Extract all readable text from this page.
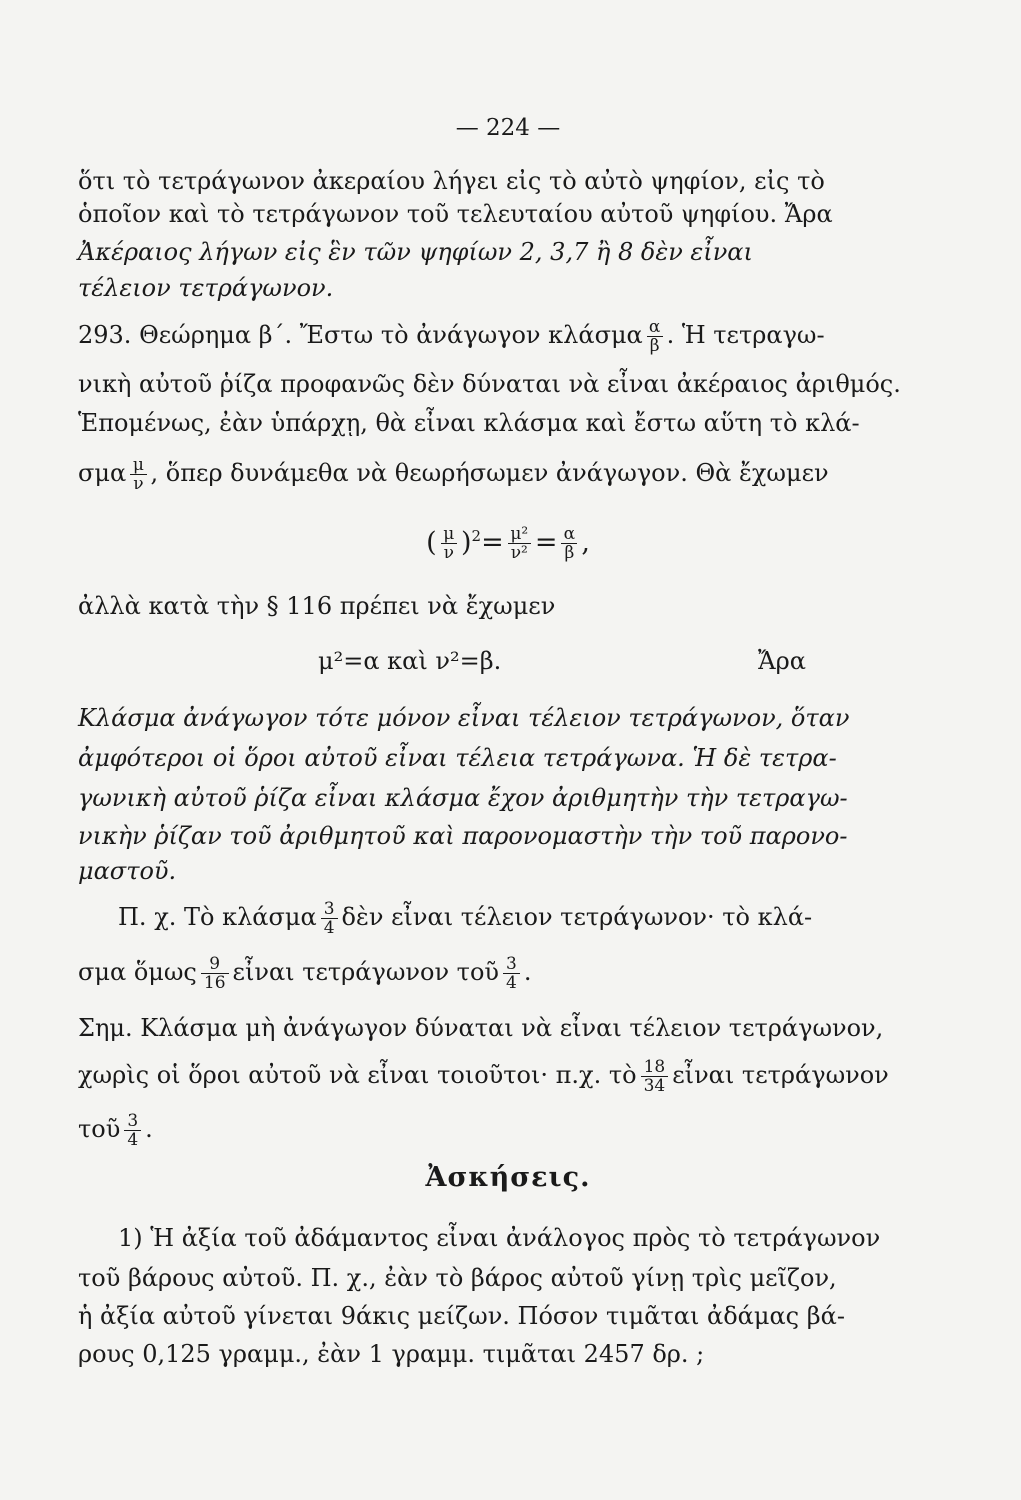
— 224 —
ὅτι τὸ τετράγωνον ἀκεραίου λήγει εἰς τὸ αὐτὸ ψηφίον, εἰς τὸ
ὁποῖον καὶ τὸ τετράγωνον τοῦ τελευταίου αὐτοῦ ψηφίου. Ἄρα
Ἀκέραιος λήγων εἰς ἓν τῶν ψηφίων 2, 3,7 ἢ 8 δὲν εἶναι
τέλειον τετράγωνον.
293. Θεώρημα β΄. Ἔστω τὸ ἀνάγωγον κλάσμα $\frac{\alpha}{\beta}$ . Ἡ τετραγω-
νικὴ αὐτοῦ ῥίζα προφανῶς δὲν δύναται νὰ εἶναι ἀκέραιος ἀριθμός.
Ἑπομένως, ἐὰν ὑπάρχῃ, θὰ εἶναι κλάσμα καὶ ἔστω αὕτη τὸ κλά-
σμα $\frac{\mu}{\nu}$ , ὅπερ δυνάμεθα νὰ θεωρήσωμεν ἀνάγωγον. Θὰ ἔχωμεν
( $\frac{\mu}{\nu} )^2= \frac{\text{μ²}}{\text{ν²}} = \frac{\alpha}{\beta}$ ,
ἀλλὰ κατὰ τὴν § 116 πρέπει νὰ ἔχωμεν
μ²=α καὶ ν²=β.	Ἄρα
Κλάσμα ἀνάγωγον τότε μόνον εἶναι τέλειον τετράγωνον, ὅταν
ἀμφότεροι οἱ ὅροι αὐτοῦ εἶναι τέλεια τετράγωνα. Ἡ δὲ τετρα-
γωνικὴ αὐτοῦ ῥίζα εἶναι κλάσμα ἔχον ἀριθμητὴν τὴν τετραγω-
νικὴν ῥίζαν τοῦ ἀριθμητοῦ καὶ παρονομαστὴν τὴν τοῦ παρονο-
μαστοῦ.
Π. χ. Τὸ κλάσμα $\frac{3}{4}$ δὲν εἶναι τέλειον τετράγωνον· τὸ κλά-
σμα ὅμως $\frac{9}{16}$ εἶναι τετράγωνον τοῦ $\frac{3}{4}$ .
Σημ. Κλάσμα μὴ ἀνάγωγον δύναται νὰ εἶναι τέλειον τετράγωνον,
χωρὶς οἱ ὅροι αὐτοῦ νὰ εἶναι τοιοῦτοι· π.χ. τὸ $\frac{18}{34}$ εἶναι τετράγωνον
τοῦ $\frac{3}{4}$ .
Ἀσκήσεις.
1) Ἡ ἀξία τοῦ ἀδάμαντος εἶναι ἀνάλογος πρὸς τὸ τετράγωνον
τοῦ βάρους αὐτοῦ. Π. χ., ἐὰν τὸ βάρος αὐτοῦ γίνῃ τρὶς μεῖζον,
ἡ ἀξία αὐτοῦ γίνεται 9άκις μείζων. Πόσον τιμᾶται ἀδάμας βά-
ρους 0,125 γραμμ., ἐὰν 1 γραμμ. τιμᾶται 2457 δρ. ;
